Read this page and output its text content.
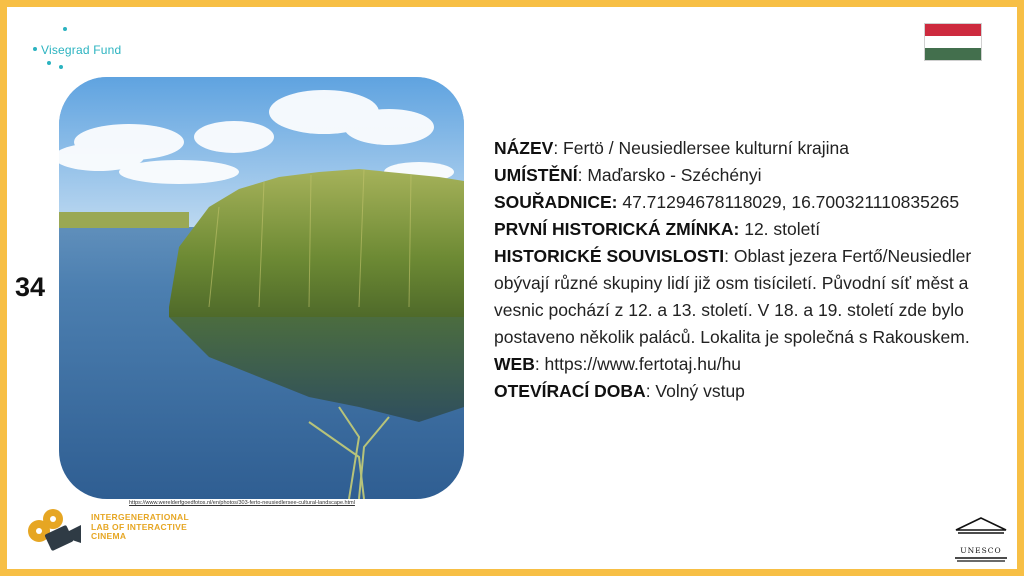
Visegrad Fund
34
https://www.werelderfgoedfotos.nl/en/photos/303-ferto-neusiedlersee-cultural-landscape.html

NÁZEV: Fertö / Neusiedlersee kulturní krajina

UMÍSTĚNÍ: Maďarsko - Széchényi

SOUŘADNICE: 47.71294678118029, 16.700321110835265

PRVNÍ HISTORICKÁ ZMÍNKA: 12. století

HISTORICKÉ SOUVISLOSTI: Oblast jezera Fertő/Neusiedler obývají různé skupiny lidí již osm tisíciletí. Původní síť měst a vesnic pochází z 12. a 13. století. V 18. a 19. století zde bylo postaveno několik paláců. Lokalita je společná s Rakouskem.

WEB: https://www.fertotaj.hu/hu

OTEVÍRACÍ DOBA: Volný vstup

INTERGENERATIONAL
LAB OF INTERACTIVE
CINEMA
UNESCO
